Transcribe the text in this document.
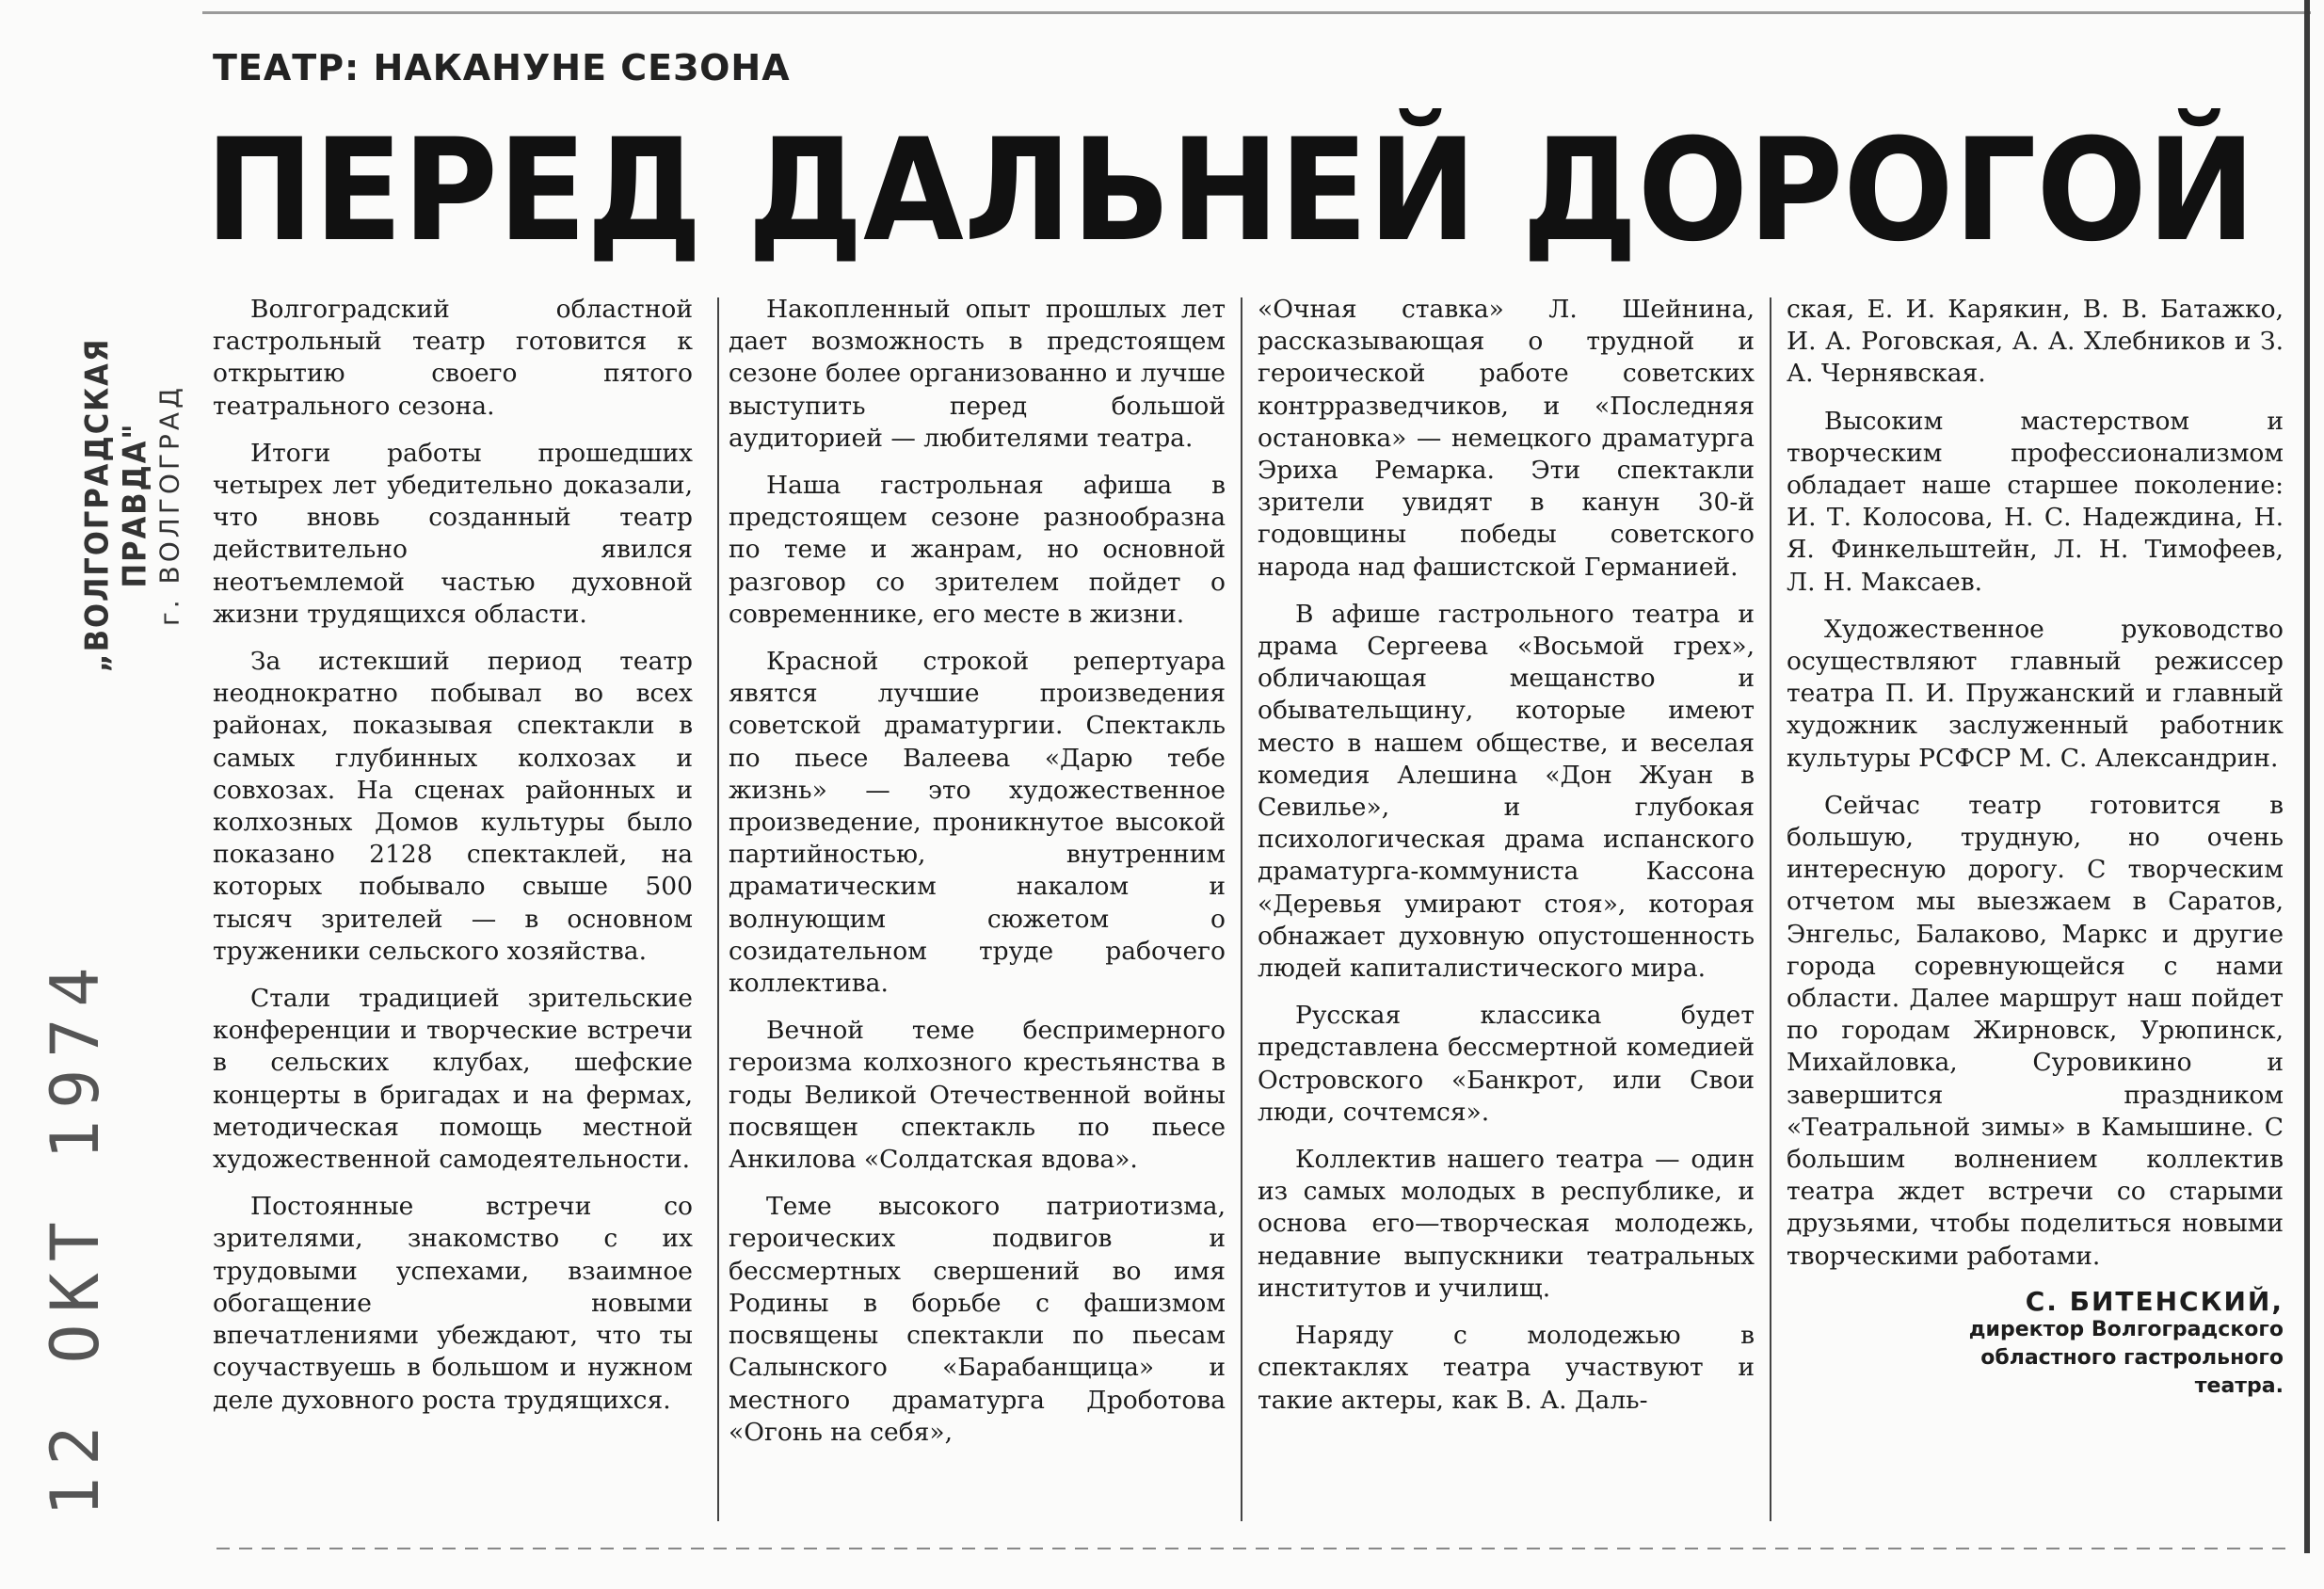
„ВОЛГОГРАДСКАЯ ПРАВДА" г. ВОЛГОГРАД
12 ОКТ 1974
ТЕАТР: НАКАНУНЕ СЕЗОНА
ПЕРЕД ДАЛЬНЕЙ ДОРОГОЙ

Волгоградский областной гастрольный театр готовится к открытию своего пятого театрального сезона.

Итоги работы прошедших четырех лет убедительно доказали, что вновь созданный театр действительно явился неотъемлемой частью духовной жизни трудящихся области.

За истекший период театр неоднократно побывал во всех районах, показывая спектакли в самых глубинных колхозах и совхозах. На сценах районных и колхозных Домов культуры было показано 2128 спектаклей, на которых побывало свыше 500 тысяч зрителей — в основном труженики сельского хозяйства.

Стали традицией зрительские конференции и творческие встречи в сельских клубах, шефские концерты в бригадах и на фермах, методическая помощь местной художественной самодеятельности.

Постоянные встречи со зрителями, знакомство с их трудовыми успехами, взаимное обогащение новыми впечатлениями убеждают, что ты соучаствуешь в большом и нужном деле духовного роста трудящихся.

Накопленный опыт прошлых лет дает возможность в предстоящем сезоне более организованно и лучше выступить перед большой аудиторией — любителями театра.

Наша гастрольная афиша в предстоящем сезоне разнообразна по теме и жанрам, но основной разговор со зрителем пойдет о современнике, его месте в жизни.

Красной строкой репертуара явятся лучшие произведения советской драматургии. Спектакль по пьесе Валеева «Дарю тебе жизнь» — это художественное произведение, проникнутое высокой партийностью, внутренним драматическим накалом и волнующим сюжетом о созидательном труде рабочего коллектива.

Вечной теме беспримерного героизма колхозного крестьянства в годы Великой Отечественной войны посвящен спектакль по пьесе Анкилова «Солдатская вдова».

Теме высокого патриотизма, героических подвигов и бессмертных свершений во имя Родины в борьбе с фашизмом посвящены спектакли по пьесам Салынского «Барабанщица» и местного драматурга Дроботова «Огонь на себя»,

«Очная ставка» Л. Шейнина, рассказывающая о трудной и героической работе советских контрразведчиков, и «Последняя остановка» — немецкого драматурга Эриха Ремарка. Эти спектакли зрители увидят в канун 30-й годовщины победы советского народа над фашистской Германией.

В афише гастрольного театра и драма Сергеева «Восьмой грех», обличающая мещанство и обывательщину, которые имеют место в нашем обществе, и веселая комедия Алешина «Дон Жуан в Севилье», и глубокая психологическая драма испанского драматурга-коммуниста Кассона «Деревья умирают стоя», которая обнажает духовную опустошенность людей капиталистического мира.

Русская классика будет представлена бессмертной комедией Островского «Банкрот, или Свои люди, сочтемся».

Коллектив нашего театра — один из самых молодых в республике, и основа его—творческая молодежь, недавние выпускники театральных институтов и училищ.

Наряду с молодежью в спектаклях театра участвуют и такие актеры, как В. А. Даль-

ская, Е. И. Карякин, В. В. Батажко, И. А. Роговская, А. А. Хлебников и З. А. Чернявская.

Высоким мастерством и творческим профессионализмом обладает наше старшее поколение: И. Т. Колосова, Н. С. Надеждина, Н. Я. Финкельштейн, Л. Н. Тимофеев, Л. Н. Максаев.

Художественное руководство осуществляют главный режиссер театра П. И. Пружанский и главный художник заслуженный работник культуры РСФСР М. С. Александрин.

Сейчас театр готовится в большую, трудную, но очень интересную дорогу. С творческим отчетом мы выезжаем в Саратов, Энгельс, Балаково, Маркс и другие города соревнующейся с нами области. Далее маршрут наш пойдет по городам Жирновск, Урюпинск, Михайловка, Суровикино и завершится праздником «Театральной зимы» в Камышине. С большим волнением коллектив театра ждет встречи со старыми друзьями, чтобы поделиться новыми творческими работами.

С. БИТЕНСКИЙ,
директор Волгоградского
областного гастрольного
театра.
